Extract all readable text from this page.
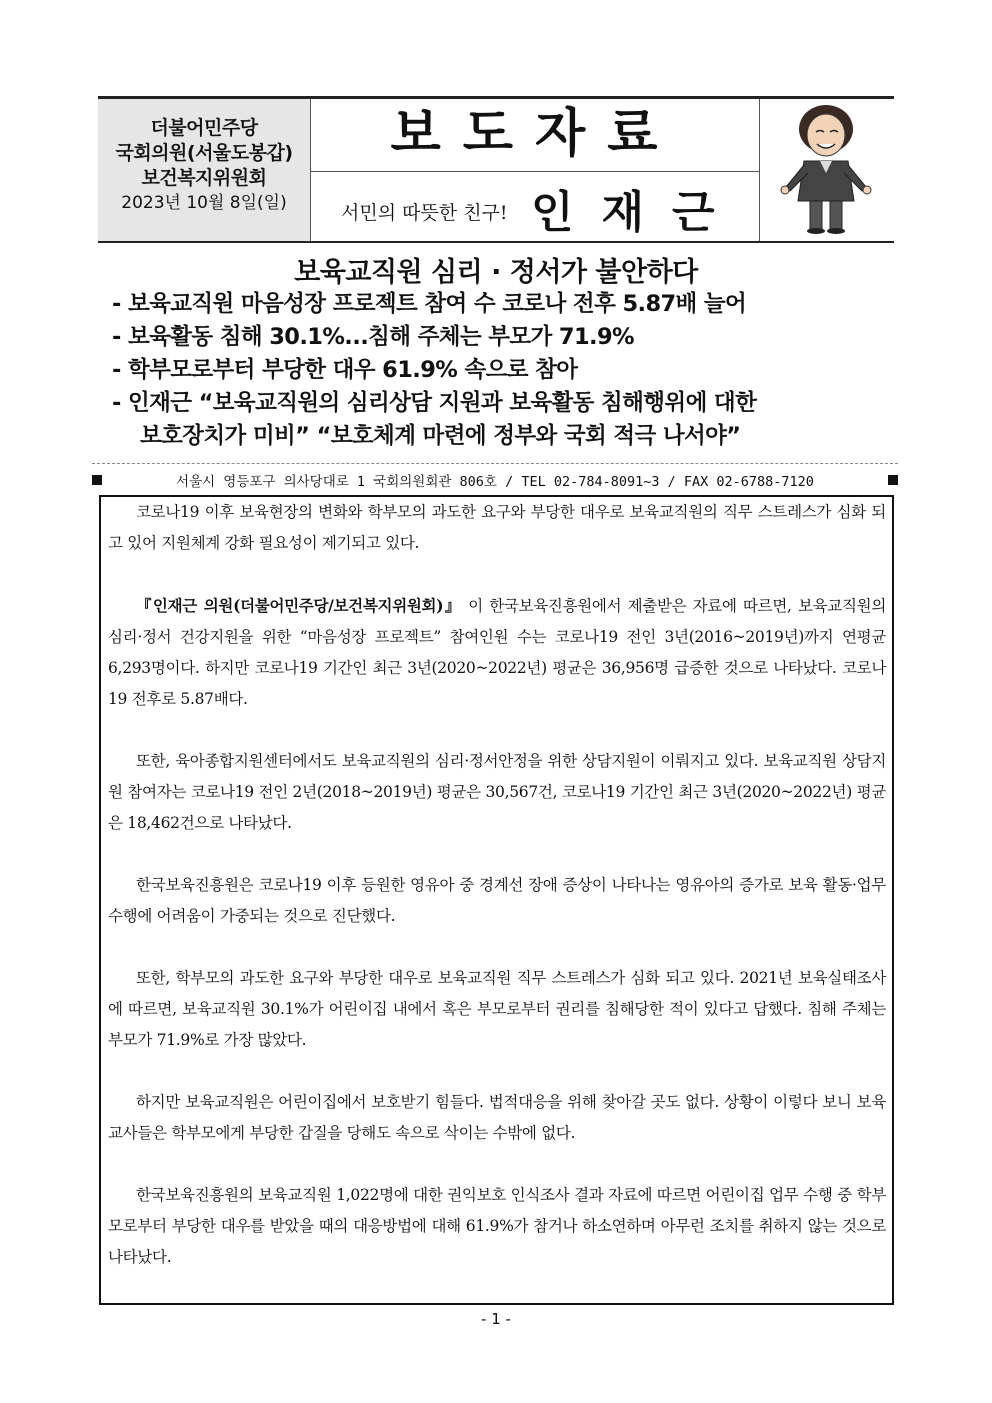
더불어민주당
국회의원(서울도봉갑)
보건복지위원회
2023년 10월 8일(일)
보도자료
서민의 따뜻한 친구! 인재근
보육교직원 심리 · 정서가 불안하다
- 보육교직원 마음성장 프로젝트 참여 수 코로나 전후 5.87배 늘어
- 보육활동 침해 30.1%...침해 주체는 부모가 71.9%
- 학부모로부터 부당한 대우 61.9% 속으로 참아
- 인재근 “보육교직원의 심리상담 지원과 보육활동 침해행위에 대한
보호장치가 미비” “보호체계 마련에 정부와 국회 적극 나서야”
서울시 영등포구 의사당대로 1 국회의원회관 806호 / TEL 02-784-8091~3 / FAX 02-6788-7120

코로나19 이후 보육현장의 변화와 학부모의 과도한 요구와 부당한 대우로 보육교직원의 직무 스트레스가 심화 되고 있어 지원체계 강화 필요성이 제기되고 있다.

『인재근 의원(더불어민주당/보건복지위원회)』 이 한국보육진흥원에서 제출받은 자료에 따르면, 보육교직원의 심리·정서 건강지원을 위한 “마음성장 프로젝트” 참여인원 수는 코로나19 전인 3년(2016~2019년)까지 연평균 6,293명이다. 하지만 코로나19 기간인 최근 3년(2020~2022년) 평균은 36,956명 급증한 것으로 나타났다. 코로나19 전후로 5.87배다.

또한, 육아종합지원센터에서도 보육교직원의 심리·정서안정을 위한 상담지원이 이뤄지고 있다. 보육교직원 상담지원 참여자는 코로나19 전인 2년(2018~2019년) 평균은 30,567건, 코로나19 기간인 최근 3년(2020~2022년) 평균은 18,462건으로 나타났다.

한국보육진흥원은 코로나19 이후 등원한 영유아 중 경계선 장애 증상이 나타나는 영유아의 증가로 보육 활동·업무 수행에 어려움이 가중되는 것으로 진단했다.

또한, 학부모의 과도한 요구와 부당한 대우로 보육교직원 직무 스트레스가 심화 되고 있다. 2021년 보육실태조사에 따르면, 보육교직원 30.1%가 어린이집 내에서 혹은 부모로부터 권리를 침해당한 적이 있다고 답했다. 침해 주체는 부모가 71.9%로 가장 많았다.

하지만 보육교직원은 어린이집에서 보호받기 힘들다. 법적대응을 위해 찾아갈 곳도 없다. 상황이 이렇다 보니 보육교사들은 학부모에게 부당한 갑질을 당해도 속으로 삭이는 수밖에 없다.

한국보육진흥원의 보육교직원 1,022명에 대한 권익보호 인식조사 결과 자료에 따르면 어린이집 업무 수행 중 학부모로부터 부당한 대우를 받았을 때의 대응방법에 대해 61.9%가 참거나 하소연하며 아무런 조치를 취하지 않는 것으로 나타났다.

- 1 -
